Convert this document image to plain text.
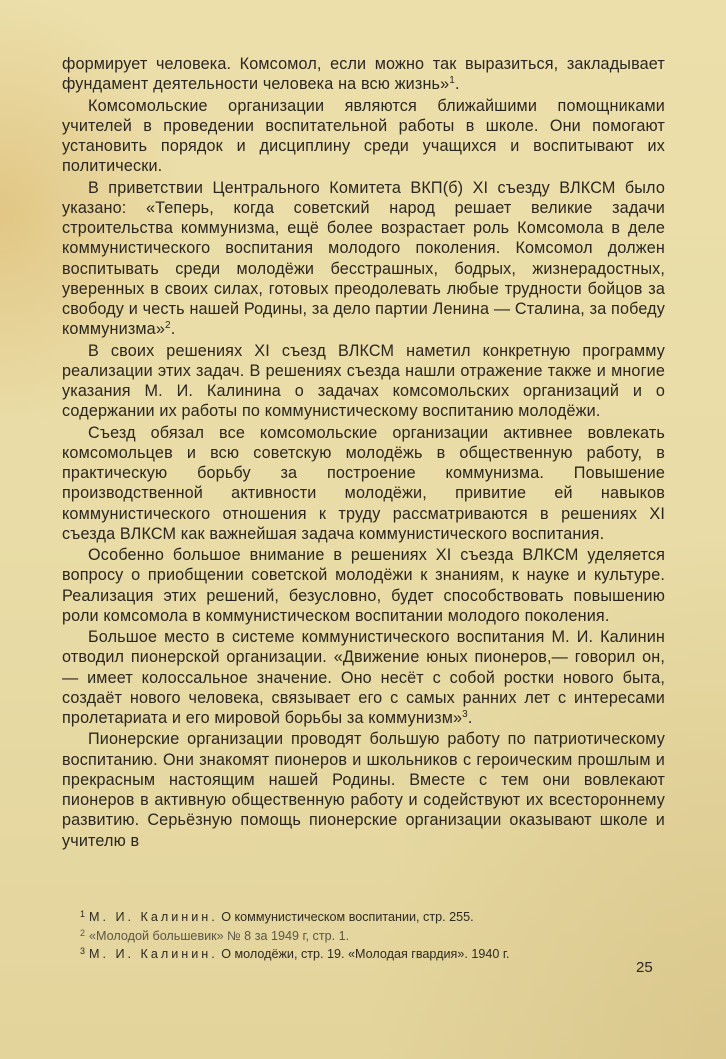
формирует человека. Комсомол, если можно так выразиться, закладывает фундамент деятельности человека на всю жизнь»$^1$.

Комсомольские организации являются ближайшими помощниками учителей в проведении воспитательной работы в школе. Они помогают установить порядок и дисциплину среди учащихся и воспитывают их политически.

В приветствии Центрального Комитета ВКП(б) XI съезду ВЛКСМ было указано: «Теперь, когда советский народ решает великие задачи строительства коммунизма, ещё более возрастает роль Комсомола в деле коммунистического воспитания молодого поколения. Комсомол должен воспитывать среди молодёжи бесстрашных, бодрых, жизнерадостных, уверенных в своих силах, готовых преодолевать любые трудности бойцов за свободу и честь нашей Родины, за дело партии Ленина — Сталина, за победу коммунизма»$^2$.

В своих решениях XI съезд ВЛКСМ наметил конкретную программу реализации этих задач. В решениях съезда нашли отражение также и многие указания М. И. Калинина о задачах комсомольских организаций и о содержании их работы по коммунистическому воспитанию молодёжи.

Съезд обязал все комсомольские организации активнее вовлекать комсомольцев и всю советскую молодёжь в общественную работу, в практическую борьбу за построение коммунизма. Повышение производственной активности молодёжи, привитие ей навыков коммунистического отношения к труду рассматриваются в решениях XI съезда ВЛКСМ как важнейшая задача коммунистического воспитания.

Особенно большое внимание в решениях XI съезда ВЛКСМ уделяется вопросу о приобщении советской молодёжи к знаниям, к науке и культуре. Реализация этих решений, безусловно, будет способствовать повышению роли комсомола в коммунистическом воспитании молодого поколения.

Большое место в системе коммунистического воспитания М. И. Калинин отводил пионерской организации. «Движение юных пионеров,— говорил он,— имеет колоссальное значение. Оно несёт с собой ростки нового быта, создаёт нового человека, связывает его с самых ранних лет с интересами пролетариата и его мировой борьбы за коммунизм»$^3$.

Пионерские организации проводят большую работу по патриотическому воспитанию. Они знакомят пионеров и школьников с героическим прошлым и прекрасным настоящим нашей Родины. Вместе с тем они вовлекают пионеров в активную общественную работу и содействуют их всестороннему развитию. Серьёзную помощь пионерские организации оказывают школе и учителю в

$^1$ М. И. Калинин. О коммунистическом воспитании, стр. 255.
$^2$ «Молодой большевик» № 8 за 1949 г, стр. 1.
$^3$ М. И. Калинин. О молодёжи, стр. 19. «Молодая гвардия». 1940 г.
25
